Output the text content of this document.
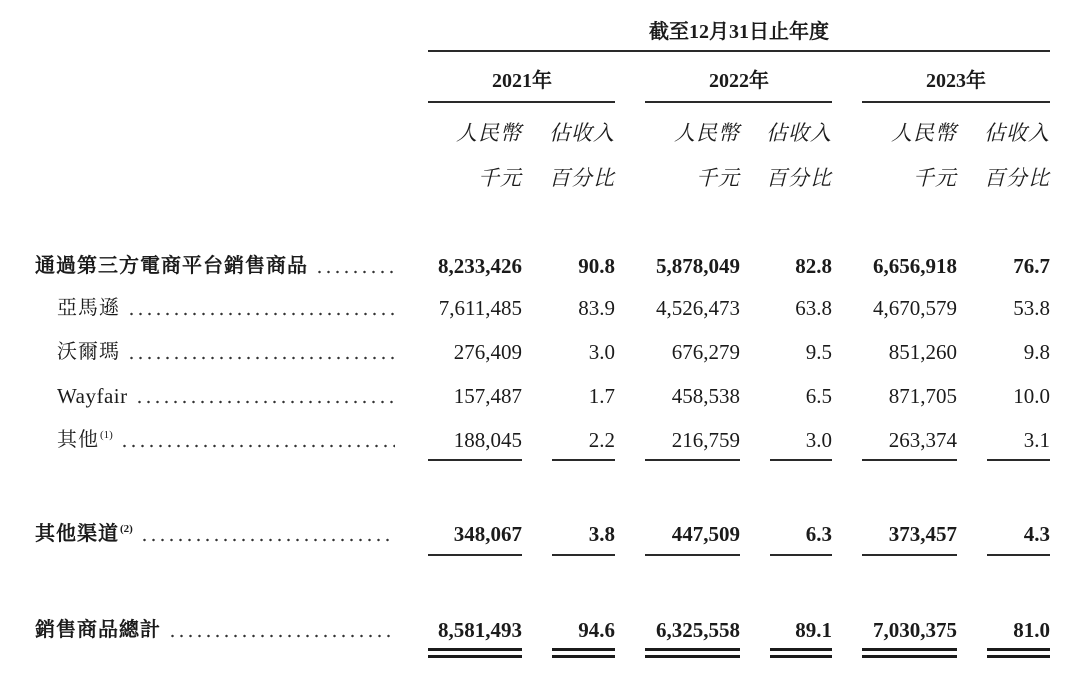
截至12月31日止年度
2021年	2022年	2023年
人民幣
千元
佔收入
百分比
人民幣
千元
佔收入
百分比
人民幣
千元
佔收入
百分比
通過第三方電商平台銷售商品	8,233,426	90.8 5,878,049	82.8 6,656,918	76.7
亞馬遜	7,611,485	83.9 4,526,473	63.8 4,670,579	53.8
沃爾瑪	276,409	3.0	676,279	9.5	851,260	9.8
Wayfair	157,487	1.7	458,538	6.5	871,705	10.0
其他 (1)	188,045	2.2	216,759	3.0	263,374	3.1
其他渠道 (2)	348,067	3.8	447,509	6.3	373,457	4.3
銷售商品總計	8,581,493	94.6 6,325,558	89.1 7,030,375	81.0
